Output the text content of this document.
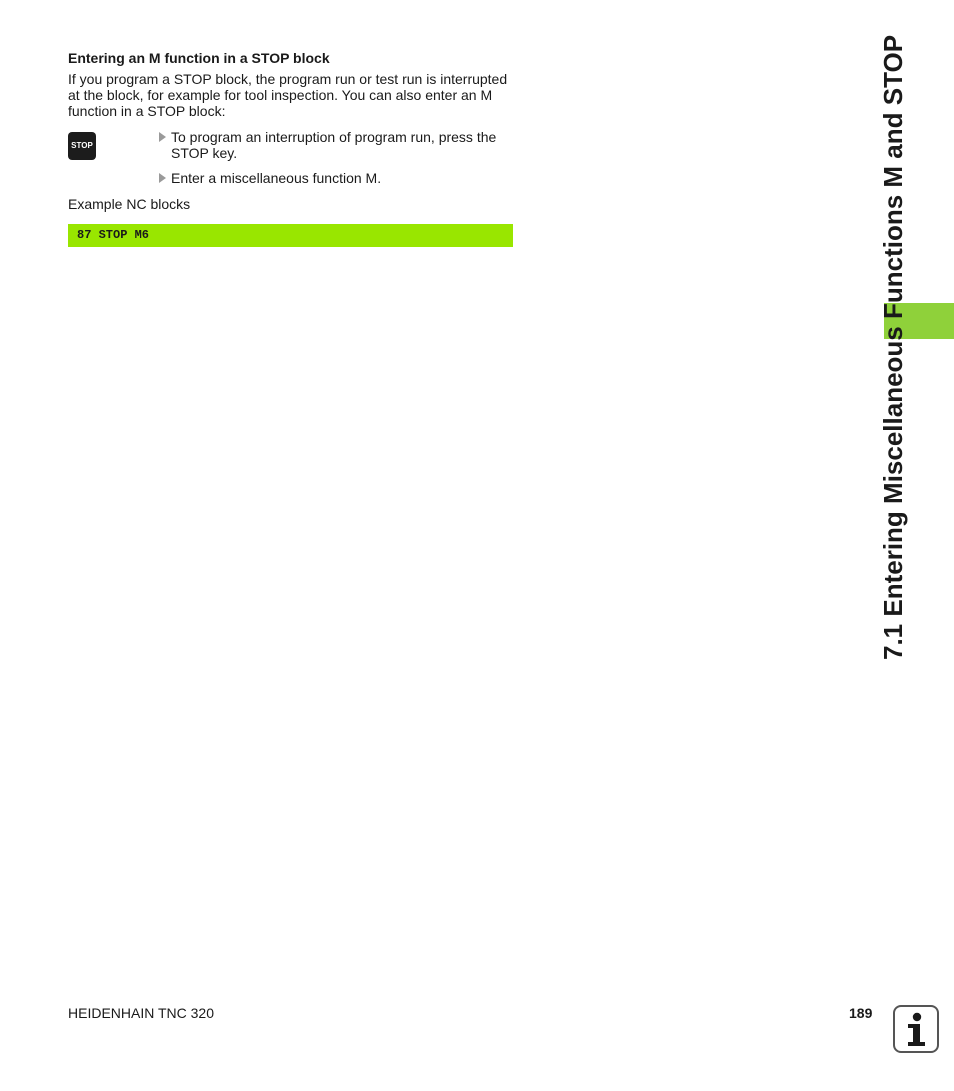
Entering an M function in a STOP block

If you program a STOP block, the program run or test run is interrupted
at the block, for example for tool inspection. You can also enter an M
function in a STOP block:

STOP
To program an interruption of program run, press the
STOP key.
Enter a miscellaneous function M.
Example NC blocks
87 STOP M6	7.1 Entering Miscellaneous Functions M and STOP
HEIDENHAIN TNC 320	189
